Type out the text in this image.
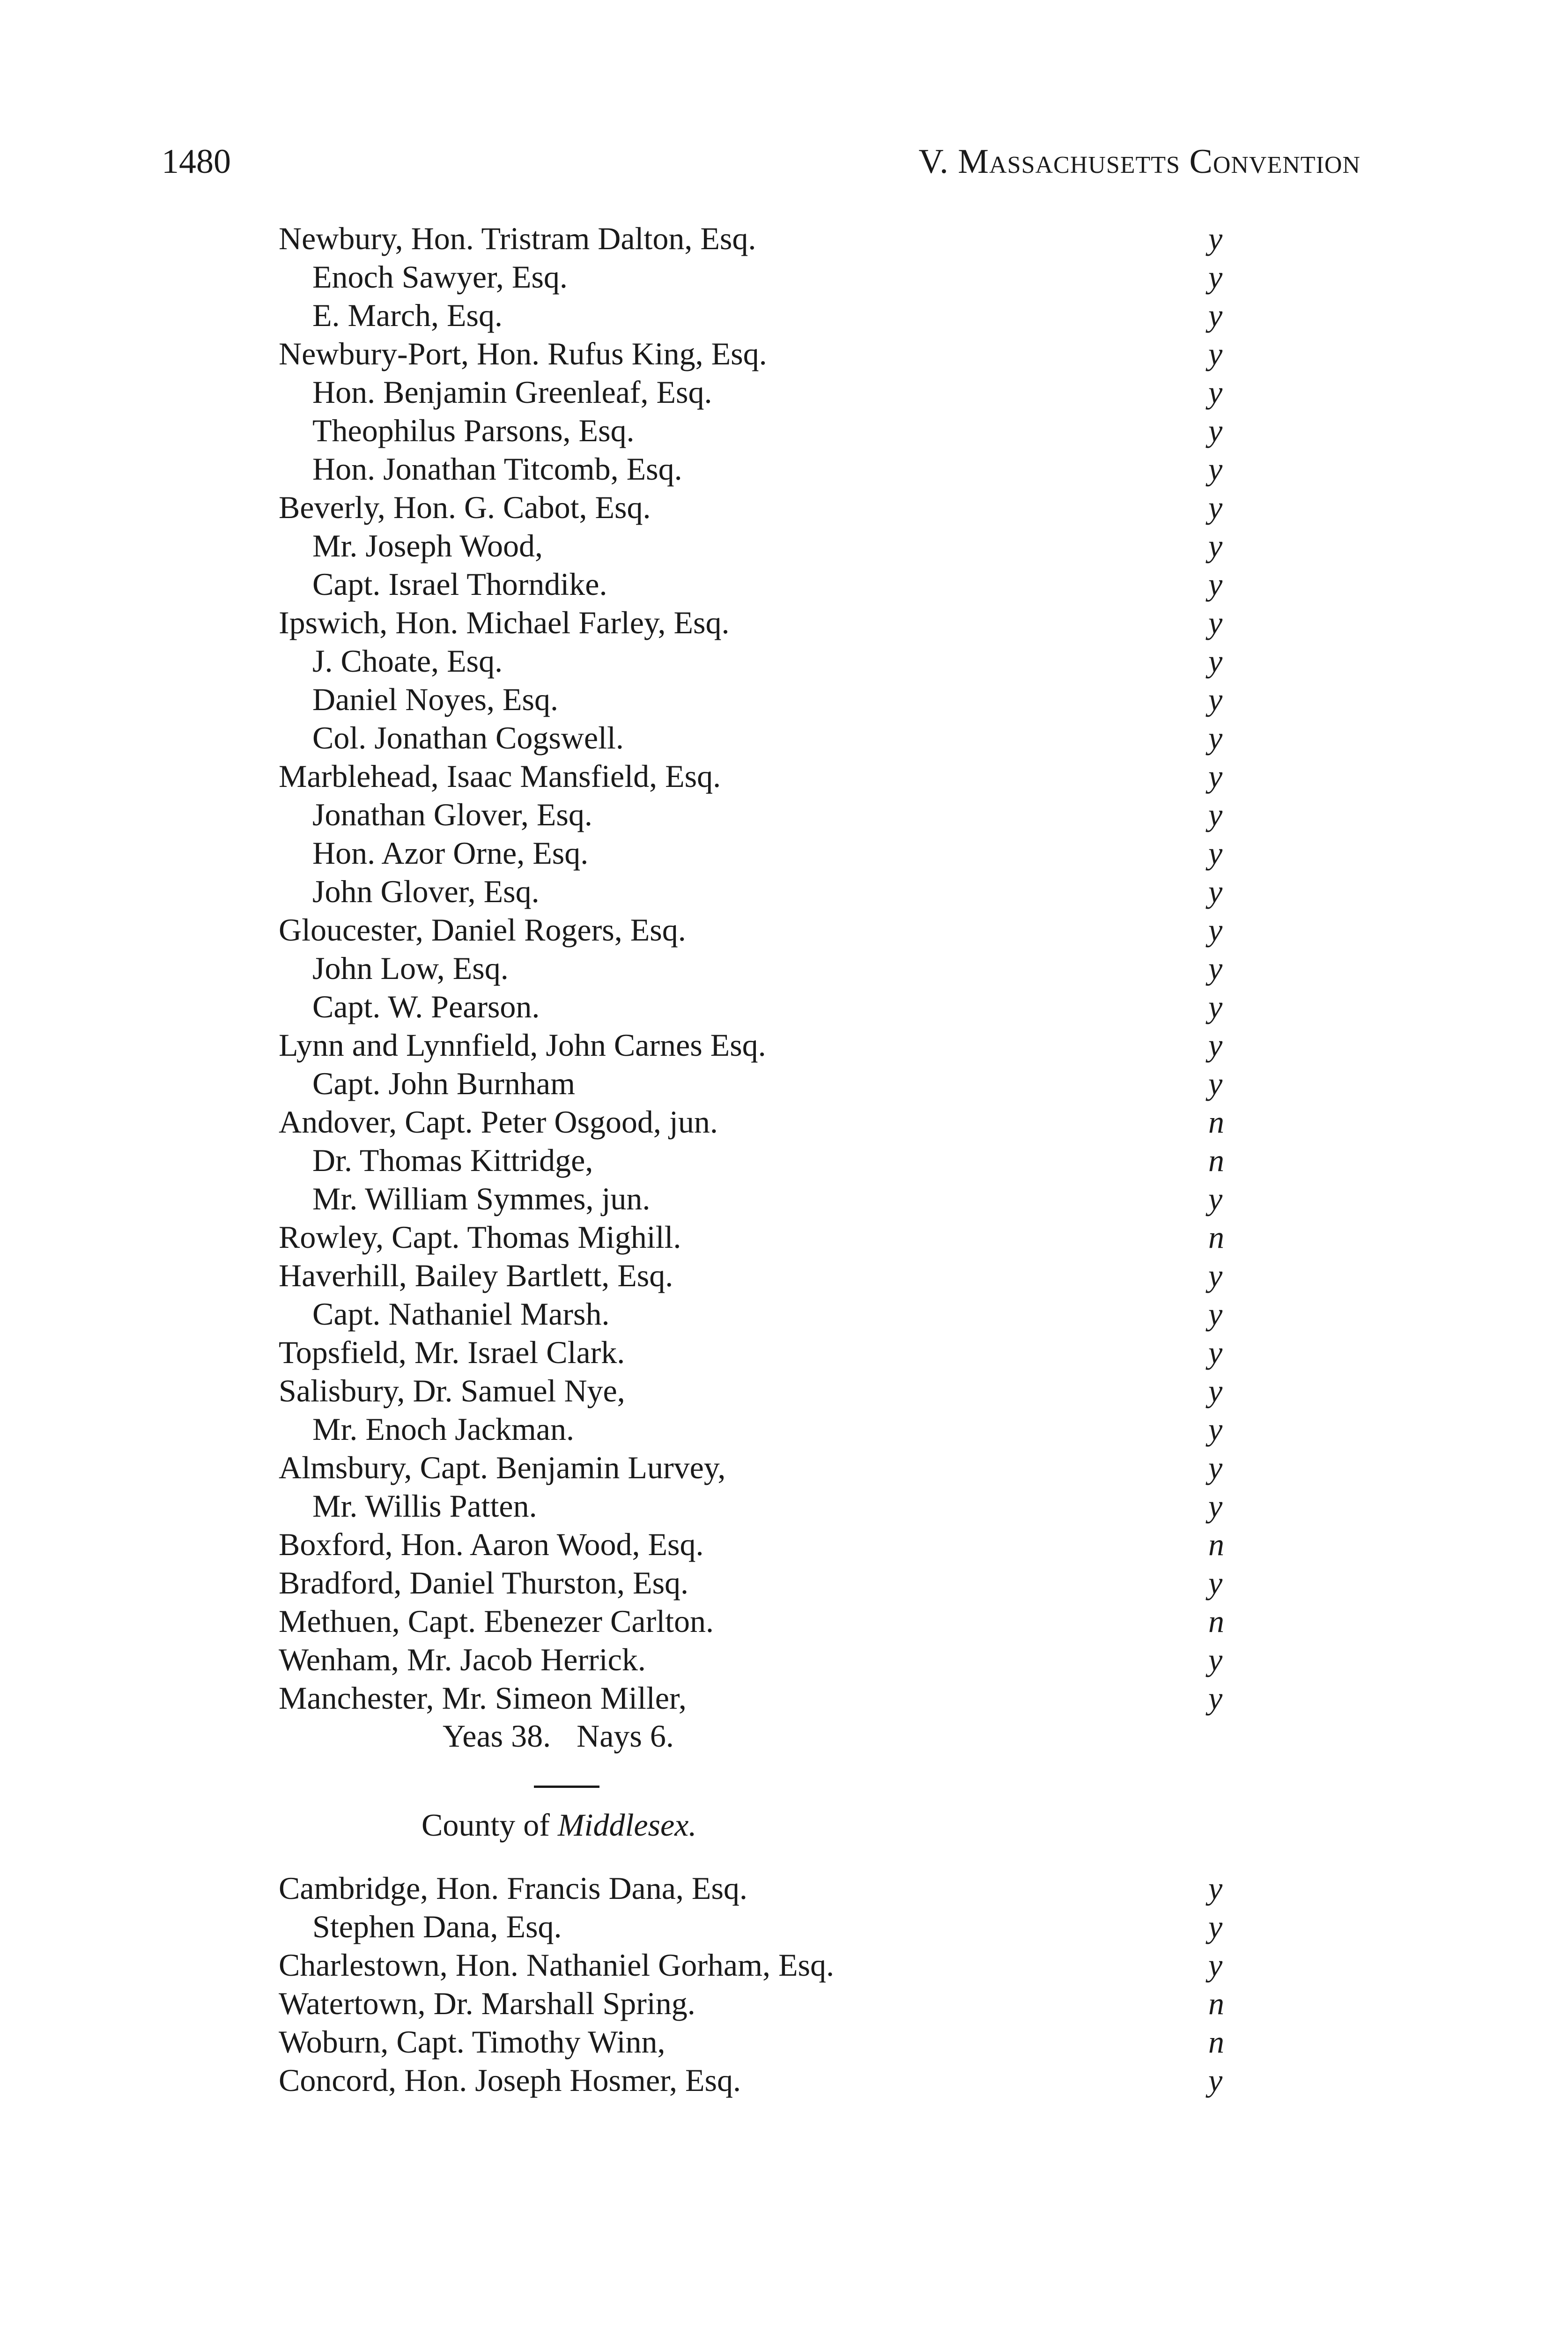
1480	V. Massachusetts Convention
Newbury, Hon. Tristram Dalton, Esq.	y
Enoch Sawyer, Esq.	y
E. March, Esq.	y
Newbury-Port, Hon. Rufus King, Esq.	y
Hon. Benjamin Greenleaf, Esq.	y
Theophilus Parsons, Esq.	y
Hon. Jonathan Titcomb, Esq.	y
Beverly, Hon. G. Cabot, Esq.	y
Mr. Joseph Wood,	y
Capt. Israel Thorndike.	y
Ipswich, Hon. Michael Farley, Esq.	y
J. Choate, Esq.	y
Daniel Noyes, Esq.	y
Col. Jonathan Cogswell.	y
Marblehead, Isaac Mansfield, Esq.	y
Jonathan Glover, Esq.	y
Hon. Azor Orne, Esq.	y
John Glover, Esq.	y
Gloucester, Daniel Rogers, Esq.	y
John Low, Esq.	y
Capt. W. Pearson.	y
Lynn and Lynnfield, John Carnes Esq.	y
Capt. John Burnham	y
Andover, Capt. Peter Osgood, jun.	n
Dr. Thomas Kittridge,	n
Mr. William Symmes, jun.	y
Rowley, Capt. Thomas Mighill.	n
Haverhill, Bailey Bartlett, Esq.	y
Capt. Nathaniel Marsh.	y
Topsfield, Mr. Israel Clark.	y
Salisbury, Dr. Samuel Nye,	y
Mr. Enoch Jackman.	y
Almsbury, Capt. Benjamin Lurvey,	y
Mr. Willis Patten.	y
Boxford, Hon. Aaron Wood, Esq.	n
Bradford, Daniel Thurston, Esq.	y
Methuen, Capt. Ebenezer Carlton.	n
Wenham, Mr. Jacob Herrick.	y
Manchester, Mr. Simeon Miller,	y
Yeas 38. Nays 6.
County of Middlesex.
Cambridge, Hon. Francis Dana, Esq.	y
Stephen Dana, Esq.	y
Charlestown, Hon. Nathaniel Gorham, Esq.	y
Watertown, Dr. Marshall Spring.	n
Woburn, Capt. Timothy Winn,	n
Concord, Hon. Joseph Hosmer, Esq.	y
